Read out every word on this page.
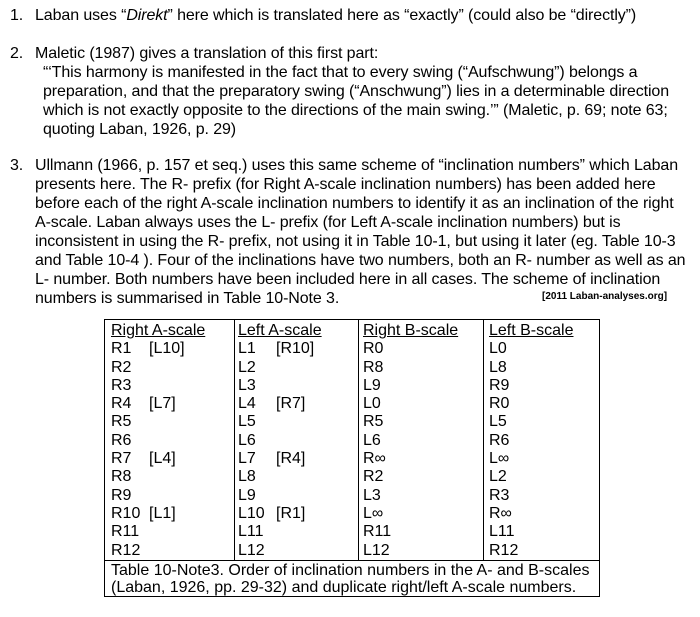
1. Laban uses “Direkt” here which is translated here as “exactly” (could also be “directly”)
2. Maletic (1987) gives a translation of this first part:
“‘This harmony is manifested in the fact that to every swing (“Aufschwung”) belongs a preparation, and that the preparatory swing (“Anschwung”) lies in a determinable direction which is not exactly opposite to the directions of the main swing.’” (Maletic, p. 69; note 63; quoting Laban, 1926, p. 29)
3. Ullmann (1966, p. 157 et seq.) uses this same scheme of “inclination numbers” which Laban presents here. The R- prefix (for Right A-scale inclination numbers) has been added here before each of the right A-scale inclination numbers to identify it as an inclination of the right A-scale. Laban always uses the L- prefix (for Left A-scale inclination numbers) but is inconsistent in using the R- prefix, not using it in Table 10-1, but using it later (eg. Table 10-3 and Table 10-4 ). Four of the inclinations have two numbers, both an R- number as well as an L- number. Both numbers have been included here in all cases. The scheme of inclination numbers is summarised in Table 10-Note 3.	[2011 Laban-analyses.org]
Right A-scale
R1 [L10]
R2
R3
R4 [L7]
R5
R6
R7 [L4]
R8
R9
R10 [L1]
R11
R12
Left A-scale
L1 [R10]
L2
L3
L4 [R7]
L5
L6
L7 [R4]
L8
L9
L10 [R1]
L11
L12
Right B-scale
R0
R8
L9
L0
R5
L6
R∞
R2
L3
L∞
R11
L12
Left B-scale
L0
L8
R9
R0
L5
R6
L∞
L2
R3
R∞
L11
R12
Table 10-Note3. Order of inclination numbers in the A- and B-scales (Laban, 1926, pp. 29-32) and duplicate right/left A-scale numbers.
